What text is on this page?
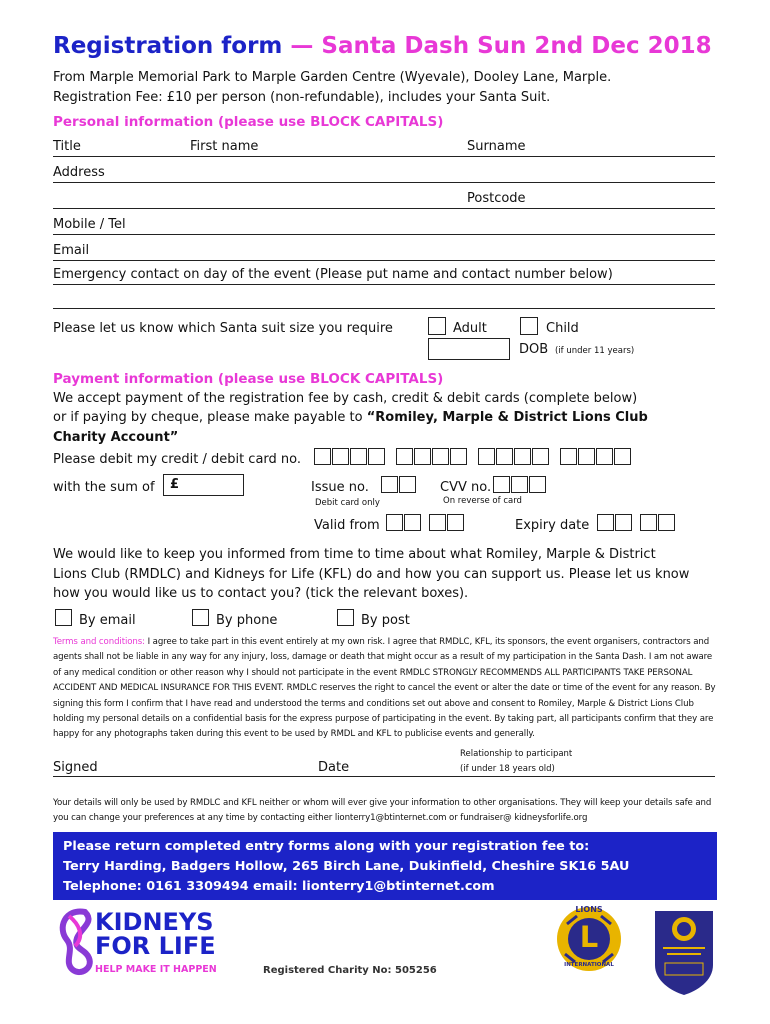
Registration form — Santa Dash Sun 2nd Dec 2018
From Marple Memorial Park to Marple Garden Centre (Wyevale), Dooley Lane, Marple.
Registration Fee: £10 per person (non-refundable), includes your Santa Suit.
Personal information (please use BLOCK CAPITALS)
Title	First name	Surname
Address
Postcode
Mobile / Tel
Email
Emergency contact on day of the event (Please put name and contact number below)
Please let us know which Santa suit size you require	Adult	Child
DOB (if under 11 years)
Payment information (please use BLOCK CAPITALS)
We accept payment of the registration fee by cash, credit & debit cards (complete below)
or if paying by cheque, please make payable to “Romiley, Marple & District Lions Club
Charity Account”
Please debit my credit / debit card no.
with the sum of £	Issue no.
Debit card only
CVV no.
On reverse of card
Valid from	Expiry date
We would like to keep you informed from time to time about what Romiley, Marple & District
Lions Club (RMDLC) and Kidneys for Life (KFL) do and how you can support us. Please let us know
how you would like us to contact you? (tick the relevant boxes).
By email	By phone	By post
Terms and conditions: I agree to take part in this event entirely at my own risk. I agree that RMDLC, KFL, its sponsors, the event organisers, contractors and agents shall not be liable in any way for any injury, loss, damage or death that might occur as a result of my participation in the Santa Dash. I am not aware of any medical condition or other reason why I should not participate in the event RMDLC STRONGLY RECOMMENDS ALL PARTICIPANTS TAKE PERSONAL ACCIDENT AND MEDICAL INSURANCE FOR THIS EVENT. RMDLC reserves the right to cancel the event or alter the date or time of the event for any reason. By signing this form I confirm that I have read and understood the terms and conditions set out above and consent to Romiley, Marple & District Lions Club holding my personal details on a confidential basis for the express purpose of participating in the event. By taking part, all participants confirm that they are happy for any photographs taken during this event to be used by RMDL and KFL to publicise events and generally.
Signed	Date
Relationship to participant
(if under 18 years old)
Your details will only be used by RMDLC and KFL neither or whom will ever give your information to other organisations. They will keep your details safe and you can change your preferences at any time by contacting either lionterry1@btinternet.com or fundraiser@ kidneysforlife.org
Please return completed entry forms along with your registration fee to:
Terry Harding, Badgers Hollow, 265 Birch Lane, Dukinfield, Cheshire SK16 5AU
Telephone: 0161 3309494 email: lionterry1@btinternet.com
KIDNEYS
FOR LIFE
HELP MAKE IT HAPPEN	Registered Charity No: 505256
L
LIONS
INTERNATIONAL
